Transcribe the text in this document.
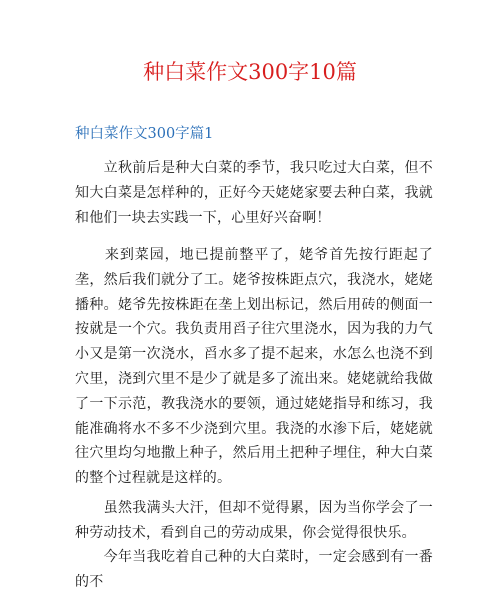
种白菜作文300字10篇
种白菜作文300字篇1

　　立秋前后是种大白菜的季节，我只吃过大白菜，但不知大白菜是怎样种的，正好今天姥姥家要去种白菜，我就和他们一块去实践一下，心里好兴奋啊！

　　来到菜园，地已提前整平了，姥爷首先按行距起了垄，然后我们就分了工。姥爷按株距点穴，我浇水，姥姥播种。姥爷先按株距在垄上划出标记，然后用砖的侧面一按就是一个穴。我负责用舀子往穴里浇水，因为我的力气小又是第一次浇水，舀水多了提不起来，水怎么也浇不到穴里，浇到穴里不是少了就是多了流出来。姥姥就给我做了一下示范，教我浇水的要领，通过姥姥指导和练习，我能准确将水不多不少浇到穴里。我浇的水渗下后，姥姥就往穴里均匀地撒上种子，然后用土把种子埋住，种大白菜的整个过程就是这样的。

　　虽然我满头大汗，但却不觉得累，因为当你学会了一种劳动技术，看到自己的劳动成果，你会觉得很快乐。

　　今年当我吃着自己种的大白菜时，一定会感到有一番的不
